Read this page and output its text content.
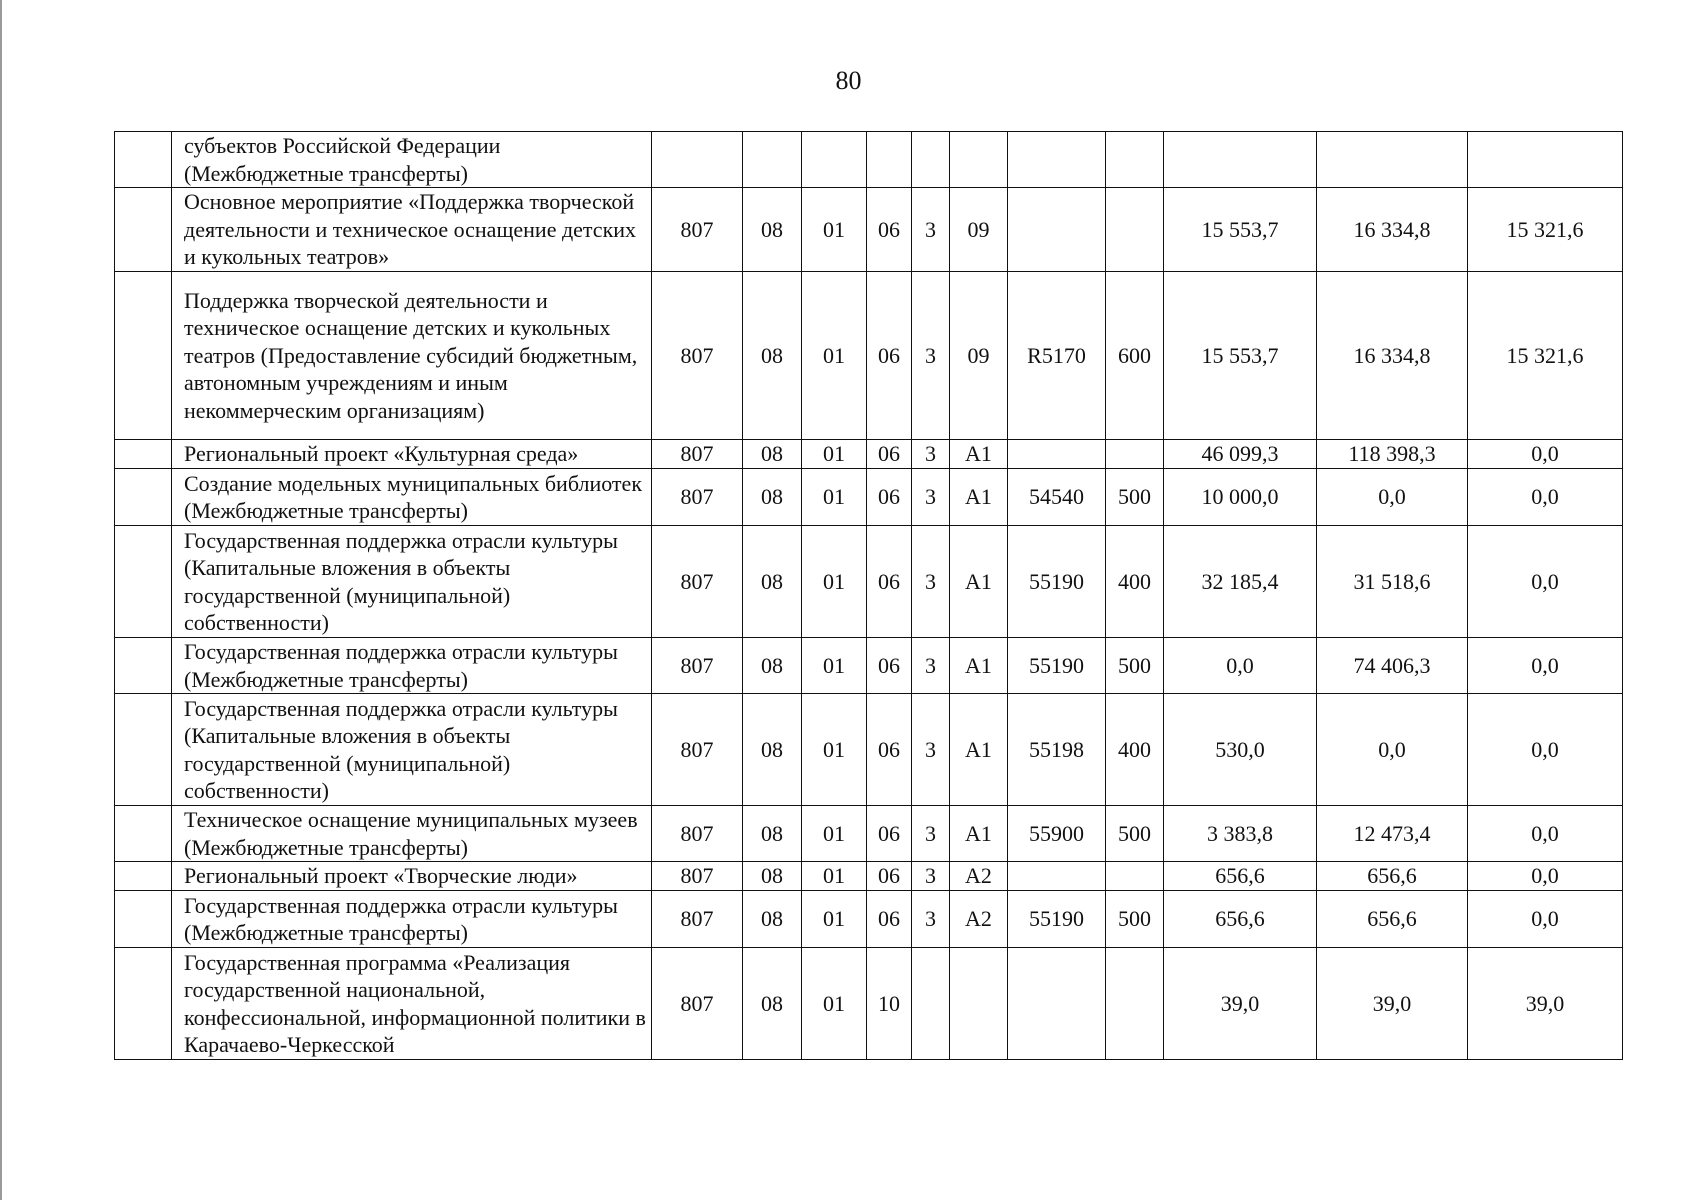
80
	субъектов Российской Федерации (Межбюджетные трансферты)											
	Основное мероприятие «Поддержка творческой деятельности и техническое оснащение детских и кукольных театров»	807	08	01	06	3	09			15 553,7	16 334,8	15 321,6
	Поддержка творческой деятельности и техническое оснащение детских и кукольных театров (Предоставление субсидий бюджетным, автономным учреждениям и иным некоммерческим организациям)	807	08	01	06	3	09	R5170	600	15 553,7	16 334,8	15 321,6
	Региональный проект «Культурная среда»	807	08	01	06	3	А1			46 099,3	118 398,3	0,0
	Создание модельных муниципальных библиотек (Межбюджетные трансферты)	807	08	01	06	3	А1	54540	500	10 000,0	0,0	0,0
	Государственная поддержка отрасли культуры (Капитальные вложения в объекты государственной (муниципальной) собственности)	807	08	01	06	3	А1	55190	400	32 185,4	31 518,6	0,0
	Государственная поддержка отрасли культуры (Межбюджетные трансферты)	807	08	01	06	3	А1	55190	500	0,0	74 406,3	0,0
	Государственная поддержка отрасли культуры (Капитальные вложения в объекты государственной (муниципальной) собственности)	807	08	01	06	3	А1	55198	400	530,0	0,0	0,0
	Техническое оснащение муниципальных музеев (Межбюджетные трансферты)	807	08	01	06	3	А1	55900	500	3 383,8	12 473,4	0,0
	Региональный проект «Творческие люди»	807	08	01	06	3	А2			656,6	656,6	0,0
	Государственная поддержка отрасли культуры (Межбюджетные трансферты)	807	08	01	06	3	А2	55190	500	656,6	656,6	0,0
	Государственная программа «Реализация государственной национальной, конфессиональной, информационной политики в Карачаево-Черкесской	807	08	01	10					39,0	39,0	39,0
